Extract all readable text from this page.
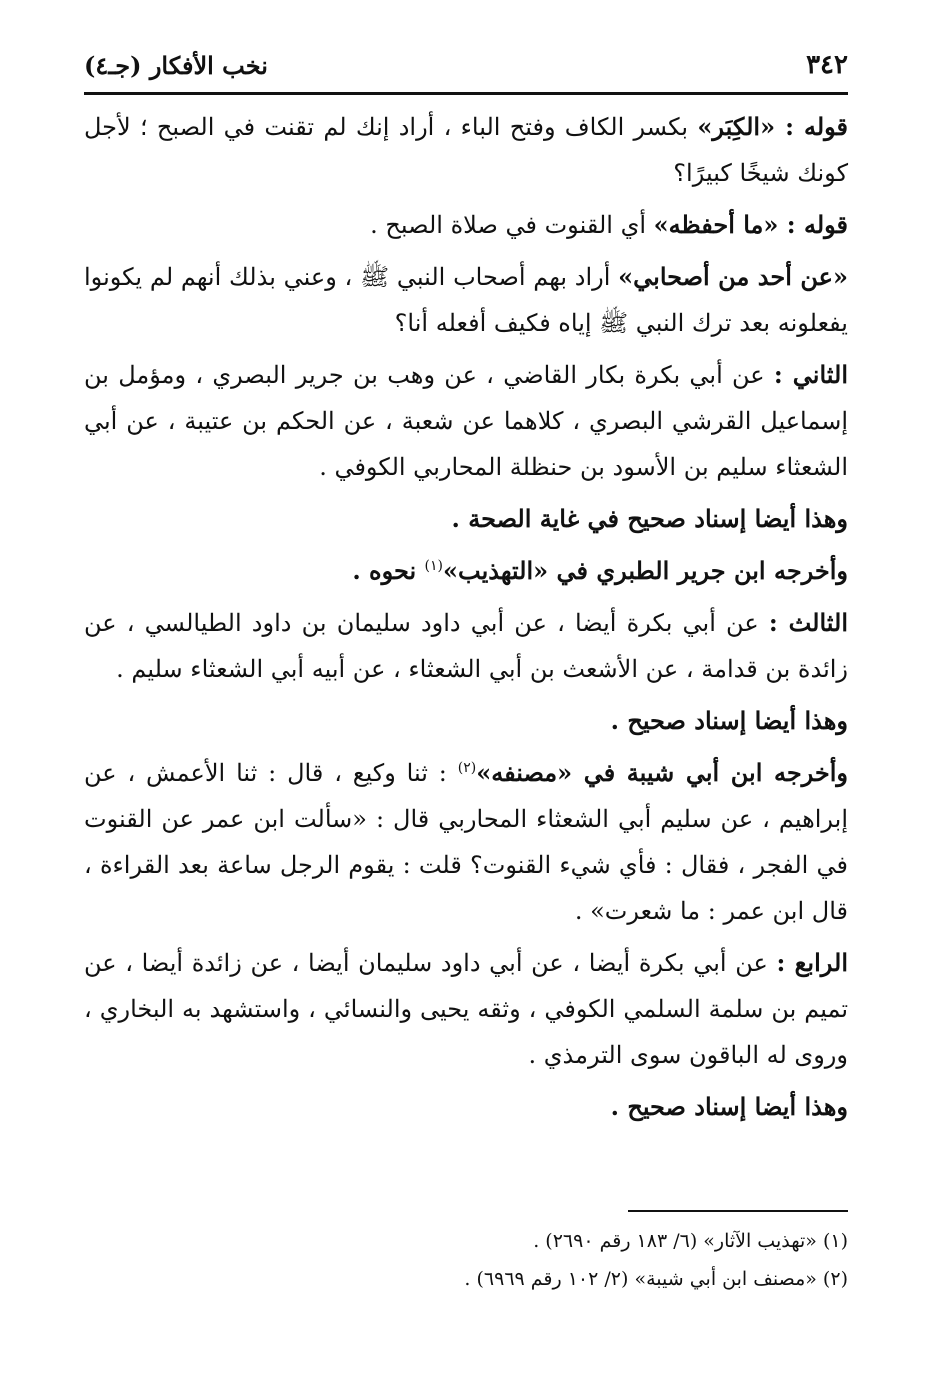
٣٤٢
نخب الأفكار (جـ٤)

قوله : «الكِبَر» بكسر الكاف وفتح الباء ، أراد إنك لم تقنت في الصبح ؛ لأجل كونك شيخًا كبيرًا؟

قوله : «ما أحفظه» أي القنوت في صلاة الصبح .

«عن أحد من أصحابي» أراد بهم أصحاب النبي ﷺ ، وعني بذلك أنهم لم يكونوا يفعلونه بعد ترك النبي ﷺ إياه فكيف أفعله أنا؟

الثاني : عن أبي بكرة بكار القاضي ، عن وهب بن جرير البصري ، ومؤمل بن إسماعيل القرشي البصري ، كلاهما عن شعبة ، عن الحكم بن عتيبة ، عن أبي الشعثاء سليم بن الأسود بن حنظلة المحاربي الكوفي .

وهذا أيضا إسناد صحيح في غاية الصحة .

وأخرجه ابن جرير الطبري في «التهذيب»$^{(١)}$ نحوه .

الثالث : عن أبي بكرة أيضا ، عن أبي داود سليمان بن داود الطيالسي ، عن زائدة بن قدامة ، عن الأشعث بن أبي الشعثاء ، عن أبيه أبي الشعثاء سليم .

وهذا أيضا إسناد صحيح .

وأخرجه ابن أبي شيبة في «مصنفه»$^{(٢)}$ : ثنا وكيع ، قال : ثنا الأعمش ، عن إبراهيم ، عن سليم أبي الشعثاء المحاربي قال : «سألت ابن عمر عن القنوت في الفجر ، فقال : فأي شيء القنوت؟ قلت : يقوم الرجل ساعة بعد القراءة ، قال ابن عمر : ما شعرت» .

الرابع : عن أبي بكرة أيضا ، عن أبي داود سليمان أيضا ، عن زائدة أيضا ، عن تميم بن سلمة السلمي الكوفي ، وثقه يحيى والنسائي ، واستشهد به البخاري ، وروى له الباقون سوى الترمذي .

وهذا أيضا إسناد صحيح .

(١) «تهذيب الآثار» (٦/ ١٨٣ رقم ٢٦٩٠) .

(٢) «مصنف ابن أبي شيبة» (٢/ ١٠٢ رقم ٦٩٦٩) .
